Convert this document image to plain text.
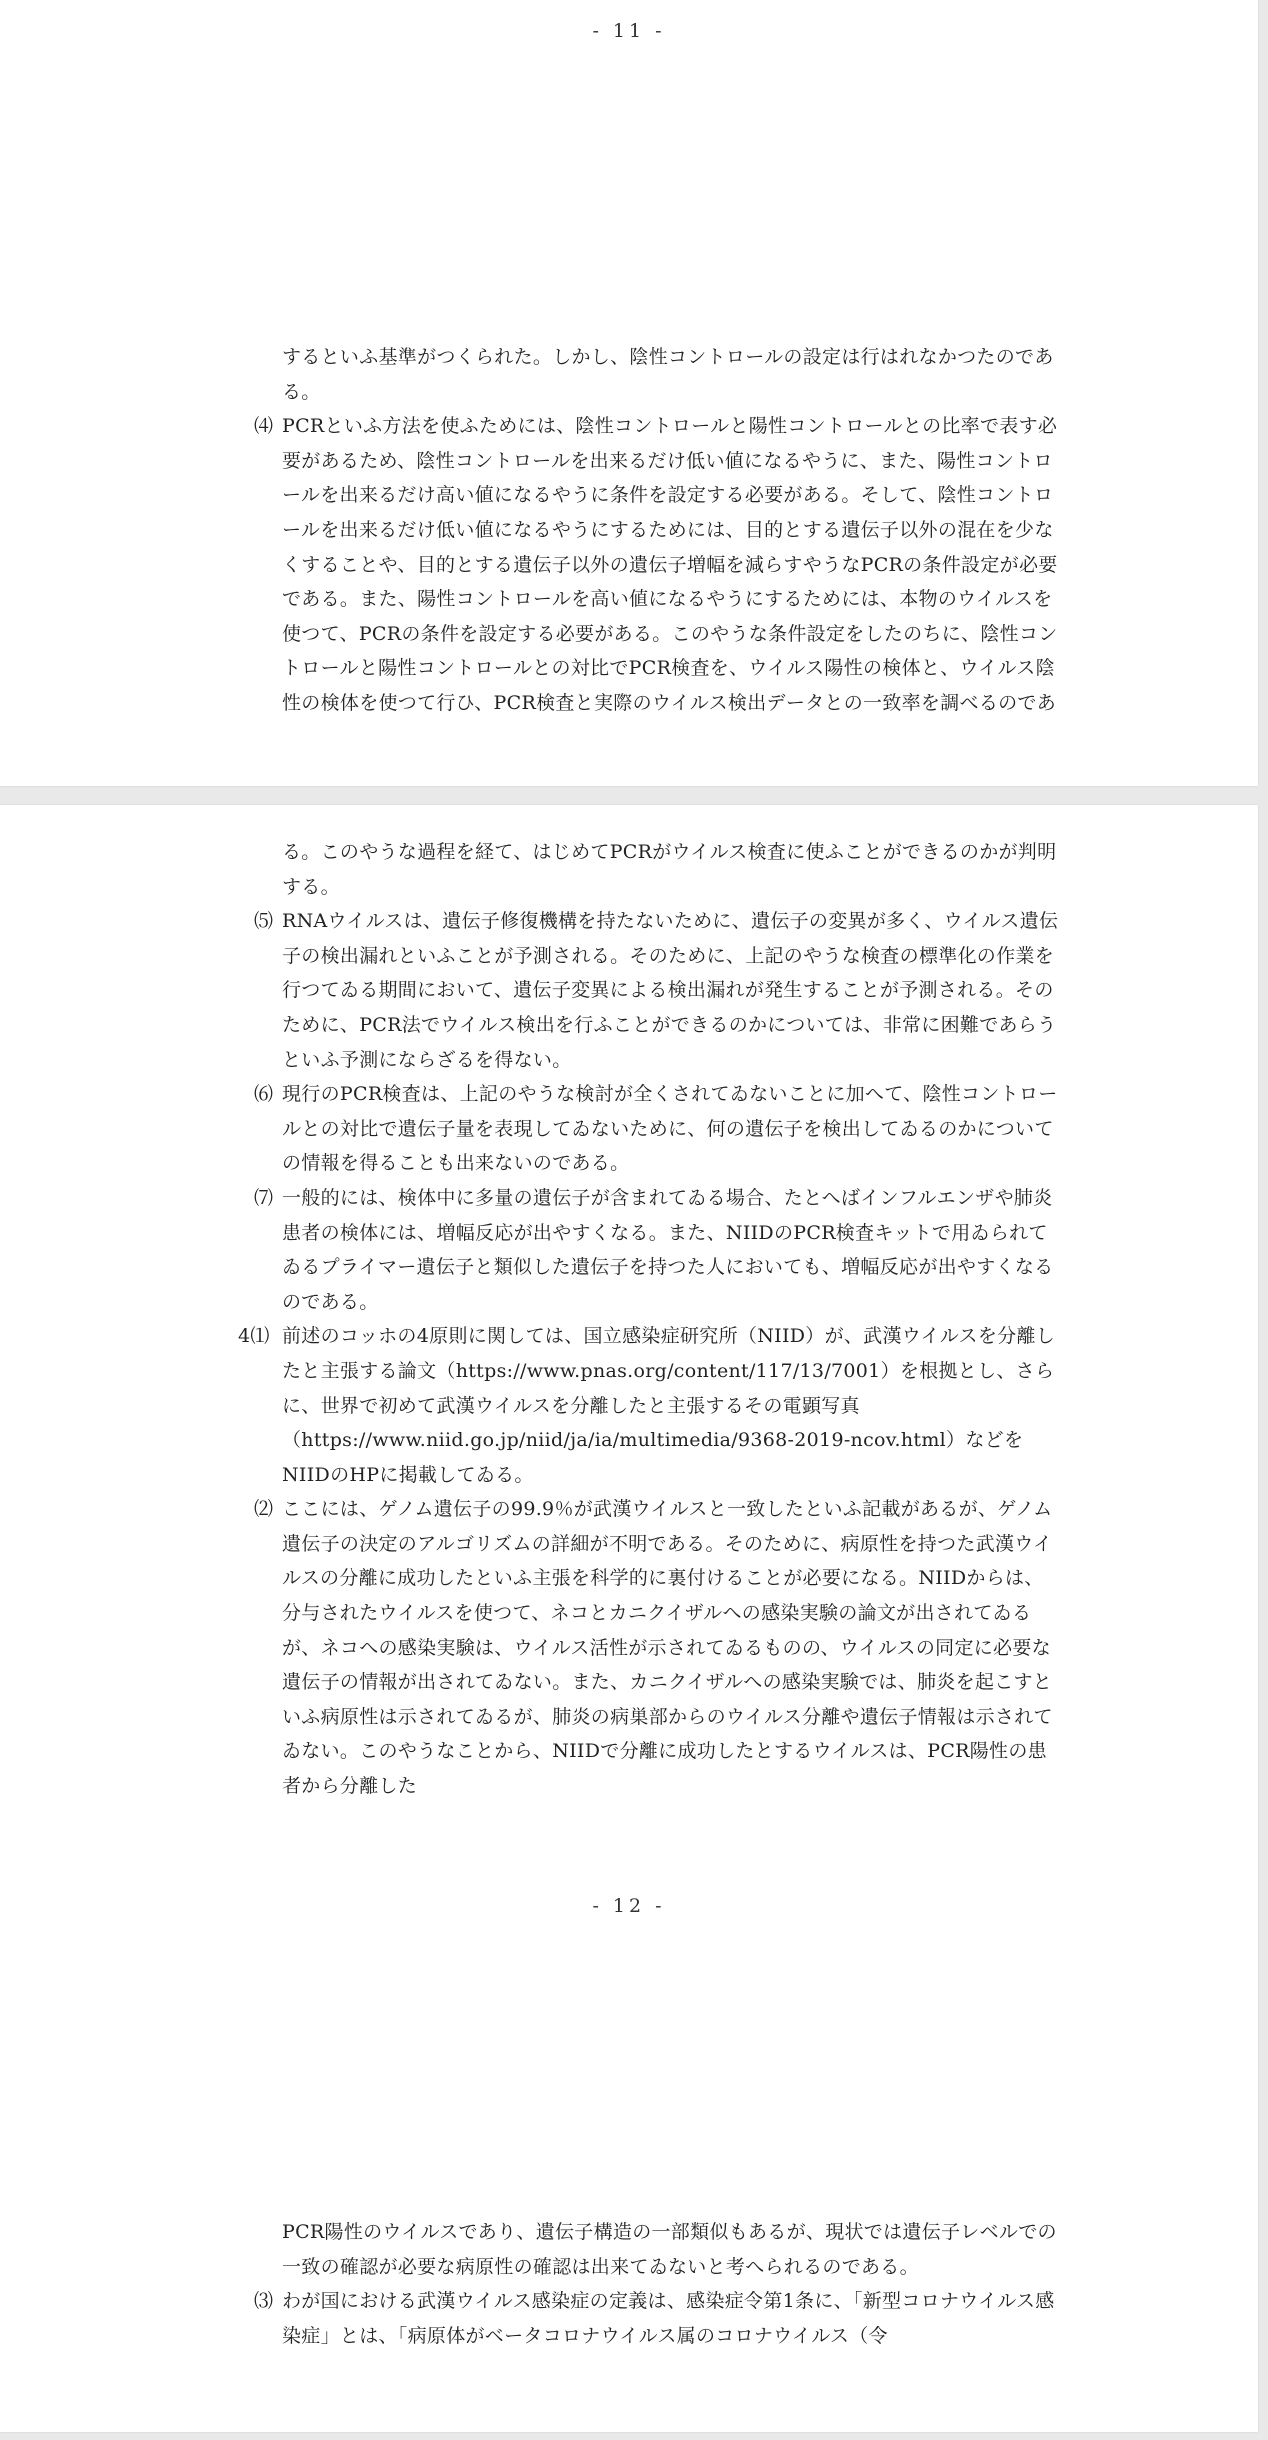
- 11 -

するといふ基準がつくられた。しかし、陰性コントロールの設定は行はれなかつたのである。

⑷ PCRといふ方法を使ふためには、陰性コントロールと陽性コントロールとの比率で表す必要があるため、陰性コントロールを出来るだけ低い値になるやうに、また、陽性コントロールを出来るだけ高い値になるやうに条件を設定する必要がある。そして、陰性コントロールを出来るだけ低い値になるやうにするためには、目的とする遺伝子以外の混在を少なくすることや、目的とする遺伝子以外の遺伝子増幅を減らすやうなPCRの条件設定が必要である。また、陽性コントロールを高い値になるやうにするためには、本物のウイルスを使つて、PCRの条件を設定する必要がある。このやうな条件設定をしたのちに、陰性コントロールと陽性コントロールとの対比でPCR検査を、ウイルス陽性の検体と、ウイルス陰性の検体を使つて行ひ、PCR検査と実際のウイルス検出データとの一致率を調べるのであ

る。このやうな過程を経て、はじめてPCRがウイルス検査に使ふことができるのかが判明する。

⑸ RNAウイルスは、遺伝子修復機構を持たないために、遺伝子の変異が多く、ウイルス遺伝子の検出漏れといふことが予測される。そのために、上記のやうな検査の標準化の作業を行つてゐる期間において、遺伝子変異による検出漏れが発生することが予測される。そのために、PCR法でウイルス検出を行ふことができるのかについては、非常に困難であらうといふ予測にならざるを得ない。

⑹ 現行のPCR検査は、上記のやうな検討が全くされてゐないことに加へて、陰性コントロールとの対比で遺伝子量を表現してゐないために、何の遺伝子を検出してゐるのかについての情報を得ることも出来ないのである。

⑺ 一般的には、検体中に多量の遺伝子が含まれてゐる場合、たとへばインフルエンザや肺炎患者の検体には、増幅反応が出やすくなる。また、NIIDのPCR検査キットで用ゐられてゐるプライマー遺伝子と類似した遺伝子を持つた人においても、増幅反応が出やすくなるのである。

4⑴ 前述のコッホの4原則に関しては、国立感染症研究所（NIID）が、武漢ウイルスを分離したと主張する論文（https://www.pnas.org/content/117/13/7001）を根拠とし、さらに、世界で初めて武漢ウイルスを分離したと主張するその電顕写真（https://www.niid.go.jp/niid/ja/ia/multimedia/9368-2019-ncov.html）などをNIIDのHPに掲載してゐる。

⑵ ここには、ゲノム遺伝子の99.9％が武漢ウイルスと一致したといふ記載があるが、ゲノム遺伝子の決定のアルゴリズムの詳細が不明である。そのために、病原性を持つた武漢ウイルスの分離に成功したといふ主張を科学的に裏付けることが必要になる。NIIDからは、分与されたウイルスを使つて、ネコとカニクイザルへの感染実験の論文が出されてゐるが、ネコへの感染実験は、ウイルス活性が示されてゐるものの、ウイルスの同定に必要な遺伝子の情報が出されてゐない。また、カニクイザルへの感染実験では、肺炎を起こすといふ病原性は示されてゐるが、肺炎の病巣部からのウイルス分離や遺伝子情報は示されてゐない。このやうなことから、NIIDで分離に成功したとするウイルスは、PCR陽性の患者から分離した

- 12 -

PCR陽性のウイルスであり、遺伝子構造の一部類似もあるが、現状では遺伝子レベルでの一致の確認が必要な病原性の確認は出来てゐないと考へられるのである。

⑶ わが国における武漢ウイルス感染症の定義は、感染症令第1条に、「新型コロナウイルス感染症」とは、「病原体がベータコロナウイルス属のコロナウイルス（令
